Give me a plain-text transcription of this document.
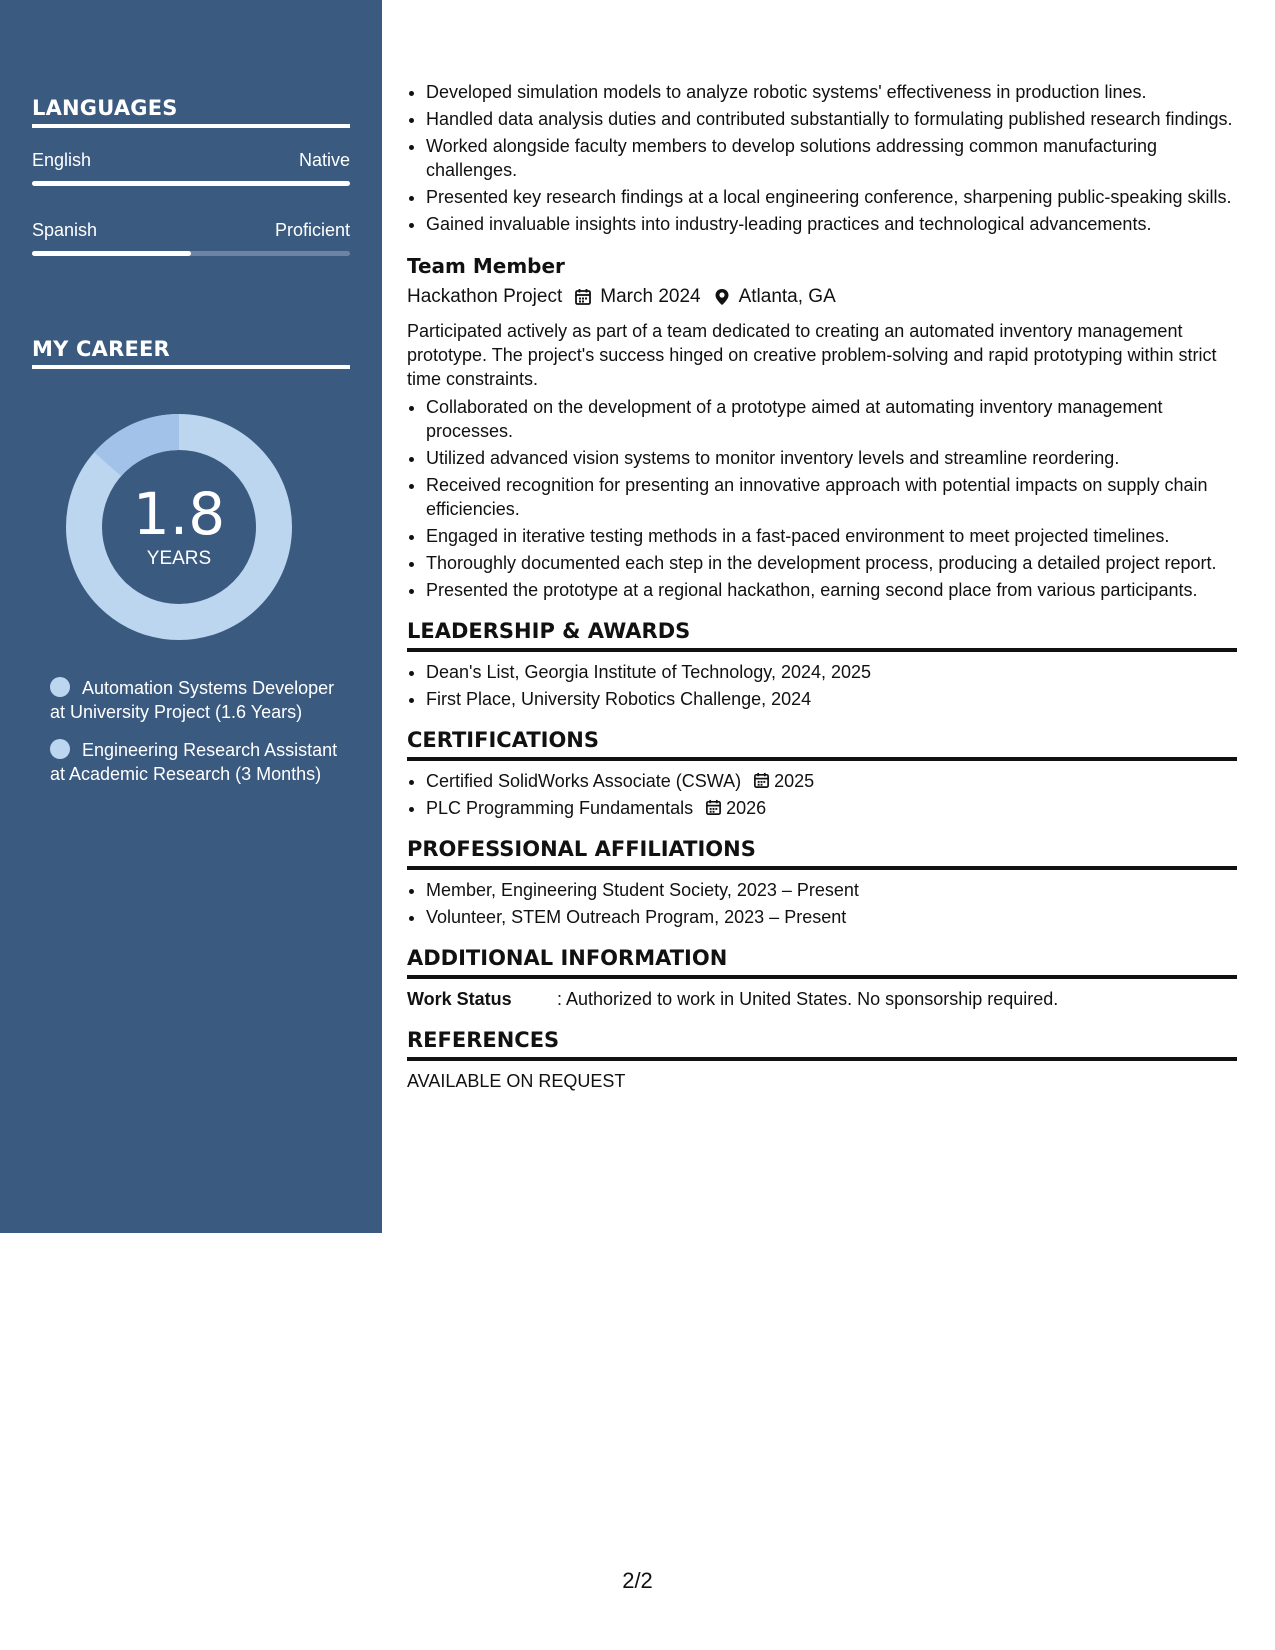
LANGUAGES
English	Native
Spanish	Proficient
MY CAREER
1.8
YEARS
Automation Systems Developer at University Project (1.6 Years)
Engineering Research Assistant at Academic Research (3 Months)
• Developed simulation models to analyze robotic systems' effectiveness in production lines.
• Handled data analysis duties and contributed substantially to formulating published research findings.
• Worked alongside faculty members to develop solutions addressing common manufacturing challenges.
• Presented key research findings at a local engineering conference, sharpening public-speaking skills.
• Gained invaluable insights into industry-leading practices and technological advancements.
Team Member
Hackathon Project March 2024 Atlanta, GA
Participated actively as part of a team dedicated to creating an automated inventory management prototype. The project's success hinged on creative problem-solving and rapid prototyping within strict time constraints.
• Collaborated on the development of a prototype aimed at automating inventory management processes.
• Utilized advanced vision systems to monitor inventory levels and streamline reordering.
• Received recognition for presenting an innovative approach with potential impacts on supply chain efficiencies.
• Engaged in iterative testing methods in a fast-paced environment to meet projected timelines.
• Thoroughly documented each step in the development process, producing a detailed project report.
• Presented the prototype at a regional hackathon, earning second place from various participants.
LEADERSHIP & AWARDS
• Dean's List, Georgia Institute of Technology, 2024, 2025
• First Place, University Robotics Challenge, 2024
CERTIFICATIONS
• Certified SolidWorks Associate (CSWA) 2025
• PLC Programming Fundamentals 2026
PROFESSIONAL AFFILIATIONS
• Member, Engineering Student Society, 2023 – Present
• Volunteer, STEM Outreach Program, 2023 – Present
ADDITIONAL INFORMATION
Work Status	: Authorized to work in United States. No sponsorship required.
REFERENCES
AVAILABLE ON REQUEST
2/2
